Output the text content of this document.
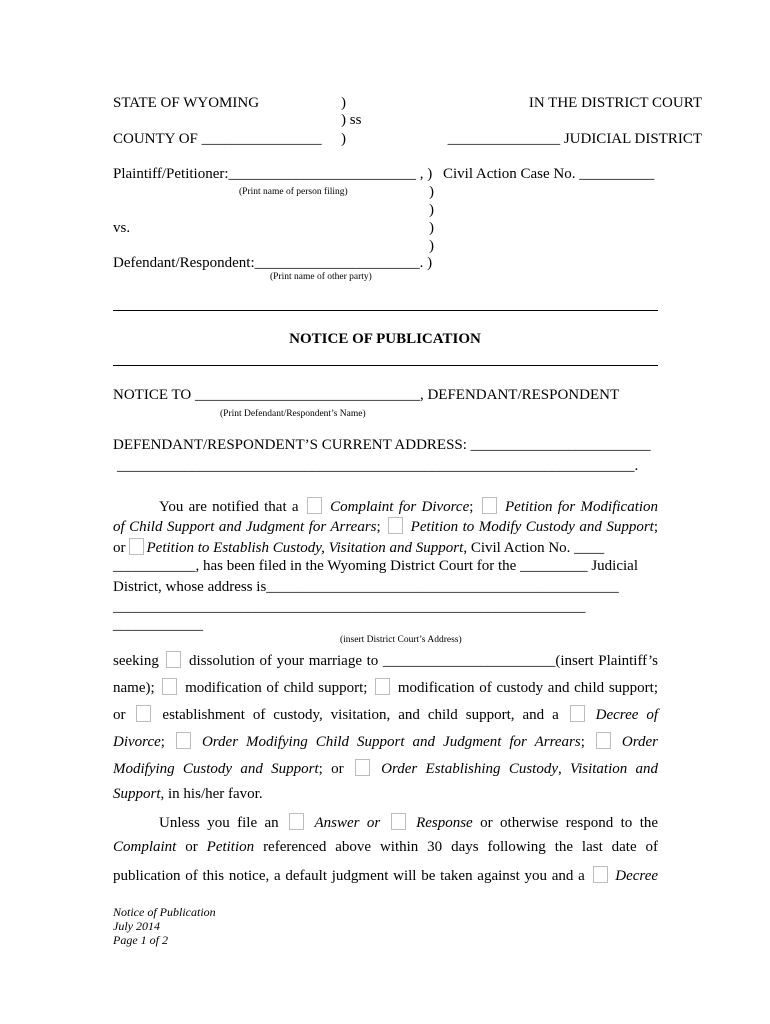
STATE OF WYOMING	)	IN THE DISTRICT COURT
) ss
COUNTY OF ________________ )	_______________ JUDICIAL DISTRICT
Plaintiff/Petitioner:_________________________ , ) Civil Action Case No. __________
(Print name of person filing)	)
)
vs.	)
)
Defendant/Respondent:______________________. )
(Print name of other party)
NOTICE OF PUBLICATION
NOTICE TO ______________________________, DEFENDANT/RESPONDENT
(Print Defendant/Respondent’s Name)
DEFENDANT/RESPONDENT’S CURRENT ADDRESS: ________________________
_____________________________________________________________________.
You are notified that a Complaint for Divorce; Petition for Modification
of Child Support and Judgment for Arrears; Petition to Modify Custody and Support;
or Petition to Establish Custody, Visitation and Support, Civil Action No. ____
___________, has been filed in the Wyoming District Court for the _________ Judicial
District, whose address is_______________________________________________
_______________________________________________________________
____________
(insert District Court’s Address)
seeking dissolution of your marriage to _______________________(insert Plaintiff’s
name); modification of child support; modification of custody and child support;
or establishment of custody, visitation, and child support, and a Decree of
Divorce; Order Modifying Child Support and Judgment for Arrears; Order
Modifying Custody and Support; or	Order Establishing Custody, Visitation and
Support, in his/her favor.
Unless you file an Answer or Response or otherwise respond to the
Complaint or Petition referenced above within 30 days following the last date of
publication of this notice, a default judgment will be taken against you and a Decree
Notice of Publication
July 2014
Page 1 of 2
